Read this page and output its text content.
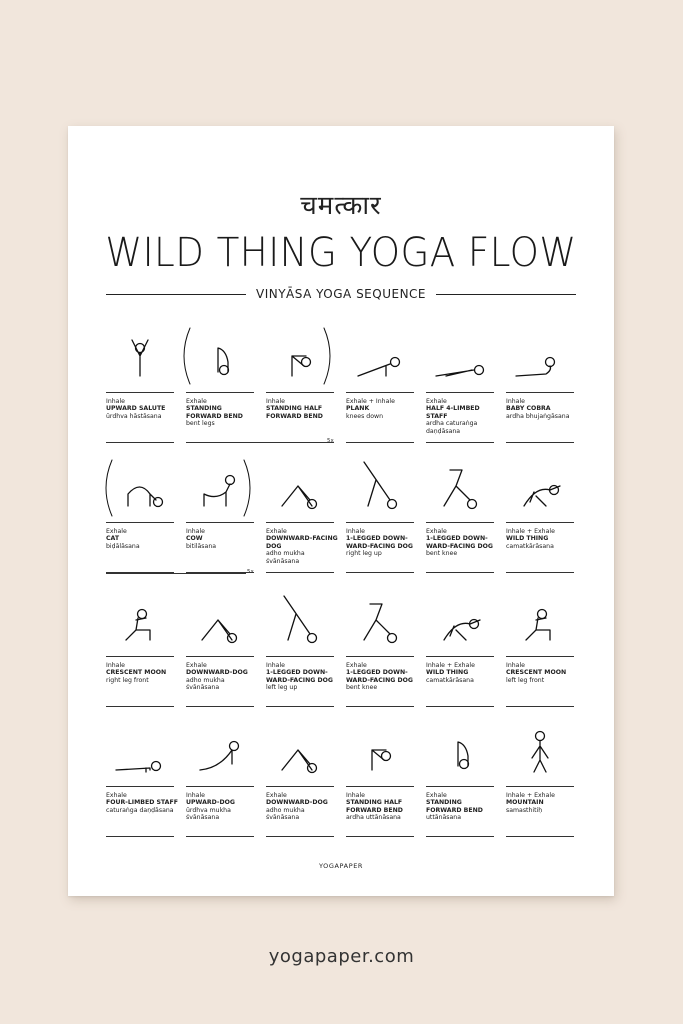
चमत्कार
WILD THING YOGA FLOW
VINYĀSA YOGA SEQUENCE
Inhale
UPWARD SALUTE
ūrdhva hāstāsana
Exhale
STANDING FORWARD BEND
bent legs
Inhale
STANDING HALF FORWARD BEND
Exhale + Inhale
PLANK
knees down
Exhale
HALF 4-LIMBED STAFF
ardha caturaṅga daṇḍāsana
Inhale
BABY COBRA
ardha bhujaṅgāsana
Exhale
CAT
biḍālāsana
Inhale
COW
bitilāsana
Exhale
DOWNWARD-FACING DOG
adho mukha śvānāsana
Inhale
1-LEGGED DOWN-WARD-FACING DOG
right leg up
Exhale
1-LEGGED DOWN-WARD-FACING DOG
bent knee
Inhale + Exhale
WILD THING
camatkārāsana
Inhale
CRESCENT MOON
right leg front
Exhale
DOWNWARD-DOG
adho mukha śvānāsana
Inhale
1-LEGGED DOWN-WARD-FACING DOG
left leg up
Exhale
1-LEGGED DOWN-WARD-FACING DOG
bent knee
Inhale + Exhale
WILD THING
camatkārāsana
Inhale
CRESCENT MOON
left leg front
Exhale
FOUR-LIMBED STAFF
caturaṅga daṇḍāsana
Inhale
UPWARD-DOG
ūrdhva mukha śvānāsana
Exhale
DOWNWARD-DOG
adho mukha śvānāsana
Inhale
STANDING HALF FORWARD BEND
ardha uttānāsana
Exhale
STANDING FORWARD BEND
uttānāsana
Inhale + Exhale
MOUNTAIN
samasthitiḥ
5x
5x
YOGAPAPER
yogapaper.com
